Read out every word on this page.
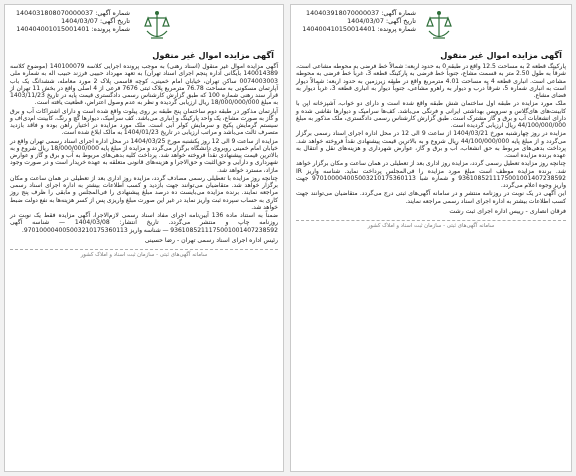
شماره آگهی: 140403918070000037
تاریخ آگهی: 1404/03/07
شماره پرونده: 140400410150014401
آگهی مزایده اموال غیر منقول

پارکینگ قطعه 2 به مساحت 12.5 واقع در طبقه 0 به حدود اربعه: شمالاً خط فرضی به محوطه مشاعی است، شرقاً به طول 2.50 متر به قسمت مشاع، جنوباً خط فرضی به پارکینگ قطعه 3، غرباً خط فرضی به محوطه مشاعی است. انباری قطعه 4 به مساحت 4.01 مترمربع واقع در طبقه زیرزمین به حدود اربعه: شمالاً دیوار است به انباری شماره 5، شرقاً درب و دیوار به راهرو مشاعی، جنوباً دیوار به انباری قطعه 3، غرباً دیوار به فضای مشاع.

ملک مورد مزایده در طبقه اول ساختمان شش طبقه واقع شده است و دارای دو خواب، آشپزخانه اپن با کابینت‌های های‌گلاس و سرویس بهداشتی ایرانی و فرنگی می‌باشد. کف‌ها سرامیک و دیوارها نقاشی شده و دارای انشعابات آب و برق و گاز مشترک است. طبق گزارش کارشناس رسمی دادگستری، ملک مذکور به مبلغ 44/100/000/000 ریال ارزیابی گردیده است.

مزایده در روز چهارشنبه مورخ 1404/03/21 از ساعت 9 الی 12 در محل اداره اجرای اسناد رسمی برگزار می‌گردد و از مبلغ پایه 44/100/000/000 ریال شروع و به بالاترین قیمت پیشنهادی نقداً فروخته خواهد شد. پرداخت بدهی‌های مربوط به حق انشعاب، آب و برق و گاز، عوارض شهرداری و هزینه‌های نقل و انتقال به عهده برنده مزایده است.

چنانچه روز مزایده تعطیل رسمی گردد، مزایده روز اداری بعد از تعطیلی در همان ساعت و مکان برگزار خواهد شد. برنده مزایده موظف است مبلغ مورد مزایده را فی‌المجلس پرداخت نماید. شناسه واریز IR 9361085211175001001407238592 و شماره شبا 970100004005003210175360113 جهت واریز وجوه اعلام می‌گردد.

این آگهی در یک نوبت در روزنامه منتشر و در سامانه آگهی‌های ثبتی درج می‌گردد. متقاضیان می‌توانند جهت کسب اطلاعات بیشتر به اداره اجرای اسناد رسمی مراجعه نمایند.

فرقان انصاری - رییس اداره اجرای ثبت رشت
سامانه آگهی‌های ثبتی - سازمان ثبت اسناد و املاک کشور
شماره آگهی: 1404031808070000037
تاریخ آگهی: 1404/03/07
شماره پرونده: 140404001015001401
آگهی مزایده اموال غیر منقول

آگهی مزایده اموال غیر منقول (اسناد رهنی) به موجب پرونده اجرایی کلاسه 140100079 (موضوع کلاسه 140014389 بایگانی اداره پنجم اجرای اسناد تهران) به تعهد مهرداد حبیبی فرزند حبیب اله به شماره ملی 0074003003 ساکن تهران، خیابان امام خمینی، کوچه قاسمی پلاک 2 مورد معامله، ششدانگ یک باب آپارتمان مسکونی به مساحت 76.78 مترمربع پلاک ثبتی 7676 فرعی از 4 اصلی واقع در بخش 11 تهران از قرار سند رهنی شماره 100 که طبق گزارش کارشناس رسمی دادگستری قیمت پایه در تاریخ 1403/11/23 به مبلغ 18/000/000/000 ریال ارزیابی گردیده و نظر به عدم وصول اعتراض، قطعیت یافته است.

آپارتمان مذکور در طبقه دوم ساختمان پنج طبقه بر روی پیلوت واقع شده است و دارای اشتراکات آب و برق و گاز به صورت مشاع، یک واحد پارکینگ و انباری می‌باشد. کف سرامیک، دیوارها گچ و رنگ، کابینت ام‌دی‌اف و سیستم گرمایش پکیج و سرمایش کولر آبی است. ملک مورد مزایده در اختیار راهن بوده و فاقد بازدید متصرف ثالث می‌باشد و مراتب ارزیابی در تاریخ 1404/01/23 به مالک ابلاغ شده است.

مزایده از ساعت 9 الی 12 روز یکشنبه مورخ 1404/03/25 در محل اداره اجرای اسناد رسمی تهران واقع در خیابان امام خمینی روبروی دانشگاه برگزار می‌گردد و مزایده از مبلغ پایه 18/000/000/000 ریال شروع و به بالاترین قیمت پیشنهادی نقداً فروخته خواهد شد. پرداخت کلیه بدهی‌های مربوط به آب و برق و گاز و عوارض شهرداری و دارایی و حق‌الثبت و حق‌الاجرا و هزینه‌های قانونی متعلقه به عهده خریدار است و در صورت وجود مازاد، مسترد خواهد شد.

چنانچه روز مزایده با تعطیلی رسمی مصادف گردد، مزایده روز اداری بعد از تعطیلی در همان ساعت و مکان برگزار خواهد شد. متقاضیان می‌توانند جهت بازدید و کسب اطلاعات بیشتر به اداره اجرای اسناد رسمی مراجعه نمایند. برنده مزایده می‌بایست ده درصد مبلغ پیشنهادی را فی‌المجلس و مابقی را ظرف پنج روز کاری به حساب سپرده ثبت واریز نماید در غیر این صورت مبلغ واریزی پس از کسر هزینه‌ها به نفع دولت ضبط خواهد شد.

ضمناً به استناد ماده 136 آیین‌نامه اجرای مفاد اسناد رسمی لازم‌الاجرا، آگهی مزایده فقط یک نوبت در روزنامه چاپ و منتشر می‌گردد. تاریخ انتشار: 1404/03/08 — شناسه آگهی 9361085211175001001407238592 — شناسه واریز 970100004005003210175360113.

رئیس اداره اجرای اسناد رسمی تهران - رضا حسینی
سامانه آگهی‌های ثبتی - سازمان ثبت اسناد و املاک کشور
